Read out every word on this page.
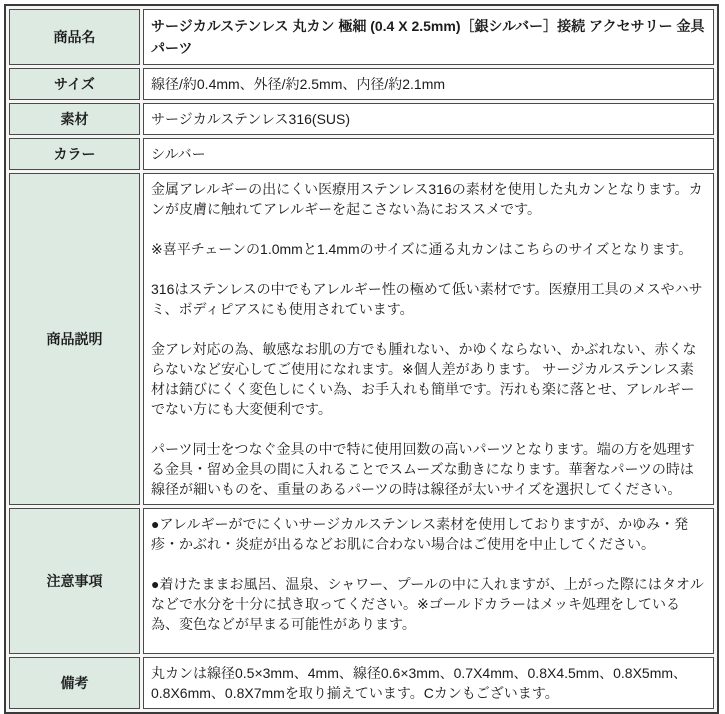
商品名	サージカルステンレス 丸カン 極細 (0.4 X 2.5mm)［銀シルバー］接続 アクセサリー 金具 パーツ

サイズ	線径/約0.4mm、外径/約2.5mm、内径/約2.1mm

素材	サージカルステンレス316(SUS)

カラー	シルバー

商品説明	金属アレルギーの出にくい医療用ステンレス316の素材を使用した丸カンとなります。カンが皮膚に触れてアレルギーを起こさない為におススメです。

※喜平チェーンの1.0mmと1.4mmのサイズに通る丸カンはこちらのサイズとなります。

316はステンレスの中でもアレルギー性の極めて低い素材です。医療用工具のメスやハサミ、ボディピアスにも使用されています。

金アレ対応の為、敏感なお肌の方でも腫れない、かゆくならない、かぶれない、赤くならないなど安心してご使用になれます。※個人差があります。 サージカルステンレス素材は錆びにくく変色しにくい為、お手入れも簡単です。汚れも楽に落とせ、アレルギーでない方にも大変便利です。

パーツ同士をつなぐ金具の中で特に使用回数の高いパーツとなります。端の方を処理する金具・留め金具の間に入れることでスムーズな動きになります。華奢なパーツの時は線径が細いものを、重量のあるパーツの時は線径が太いサイズを選択してください。

注意事項	●アレルギーがでにくいサージカルステンレス素材を使用しておりますが、かゆみ・発疹・かぶれ・炎症が出るなどお肌に合わない場合はご使用を中止してください。

●着けたままお風呂、温泉、シャワー、プールの中に入れますが、上がった際にはタオルなどで水分を十分に拭き取ってください。※ゴールドカラーはメッキ処理をしている為、変色などが早まる可能性があります。

備考	丸カンは線径0.5×3mm、4mm、線径0.6×3mm、0.7X4mm、0.8X4.5mm、0.8X5mm、0.8X6mm、0.8X7mmを取り揃えています。Cカンもございます。
